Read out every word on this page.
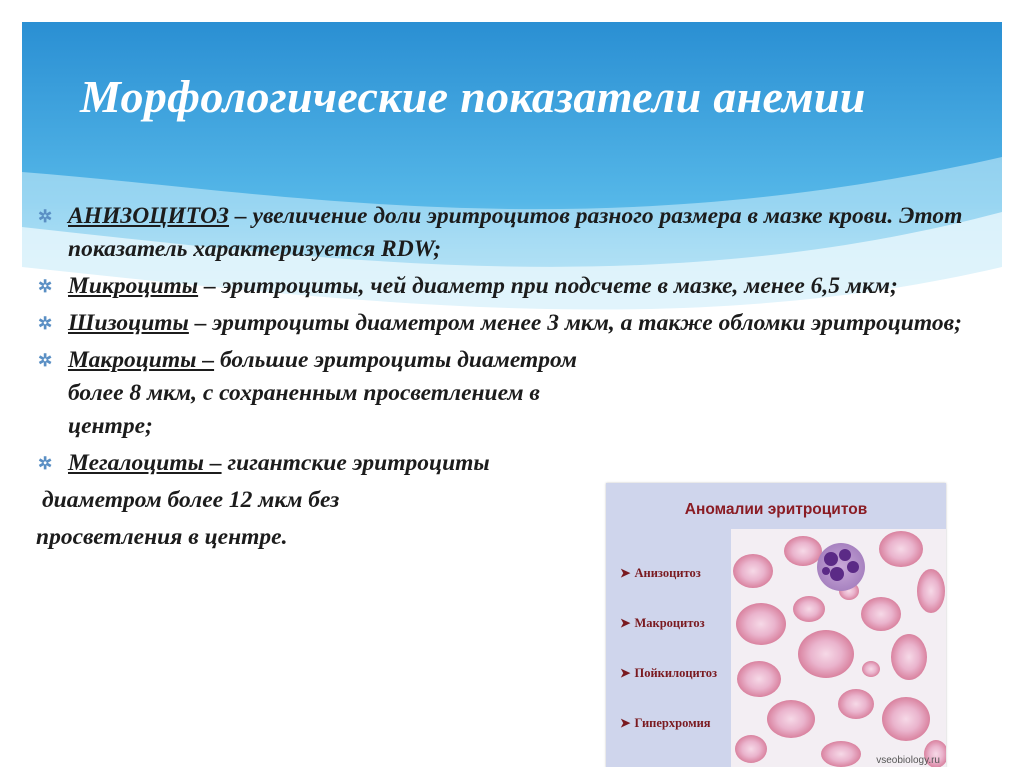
Морфологические показатели анемии
✲ АНИЗОЦИТОЗ – увеличение доли эритроцитов разного размера в мазке крови. Этот показатель характеризуется RDW;
✲ Микроциты – эритроциты, чей диаметр при подсчете в мазке, менее 6,5 мкм;
✲ Шизоциты – эритроциты диаметром менее 3 мкм, а также обломки эритроцитов;
✲ Макроциты – большие эритроциты диаметром более 8 мкм, с сохраненным просветлением в центре;
✲ Мегалоциты – гигантские эритроциты
диаметром более 12 мкм без
просветления в центре.
Аномалии эритроцитов
➤ Анизоцитоз
➤ Макроцитоз
➤ Пойкилоцитоз
➤ Гиперхромия
vseobiology.ru
